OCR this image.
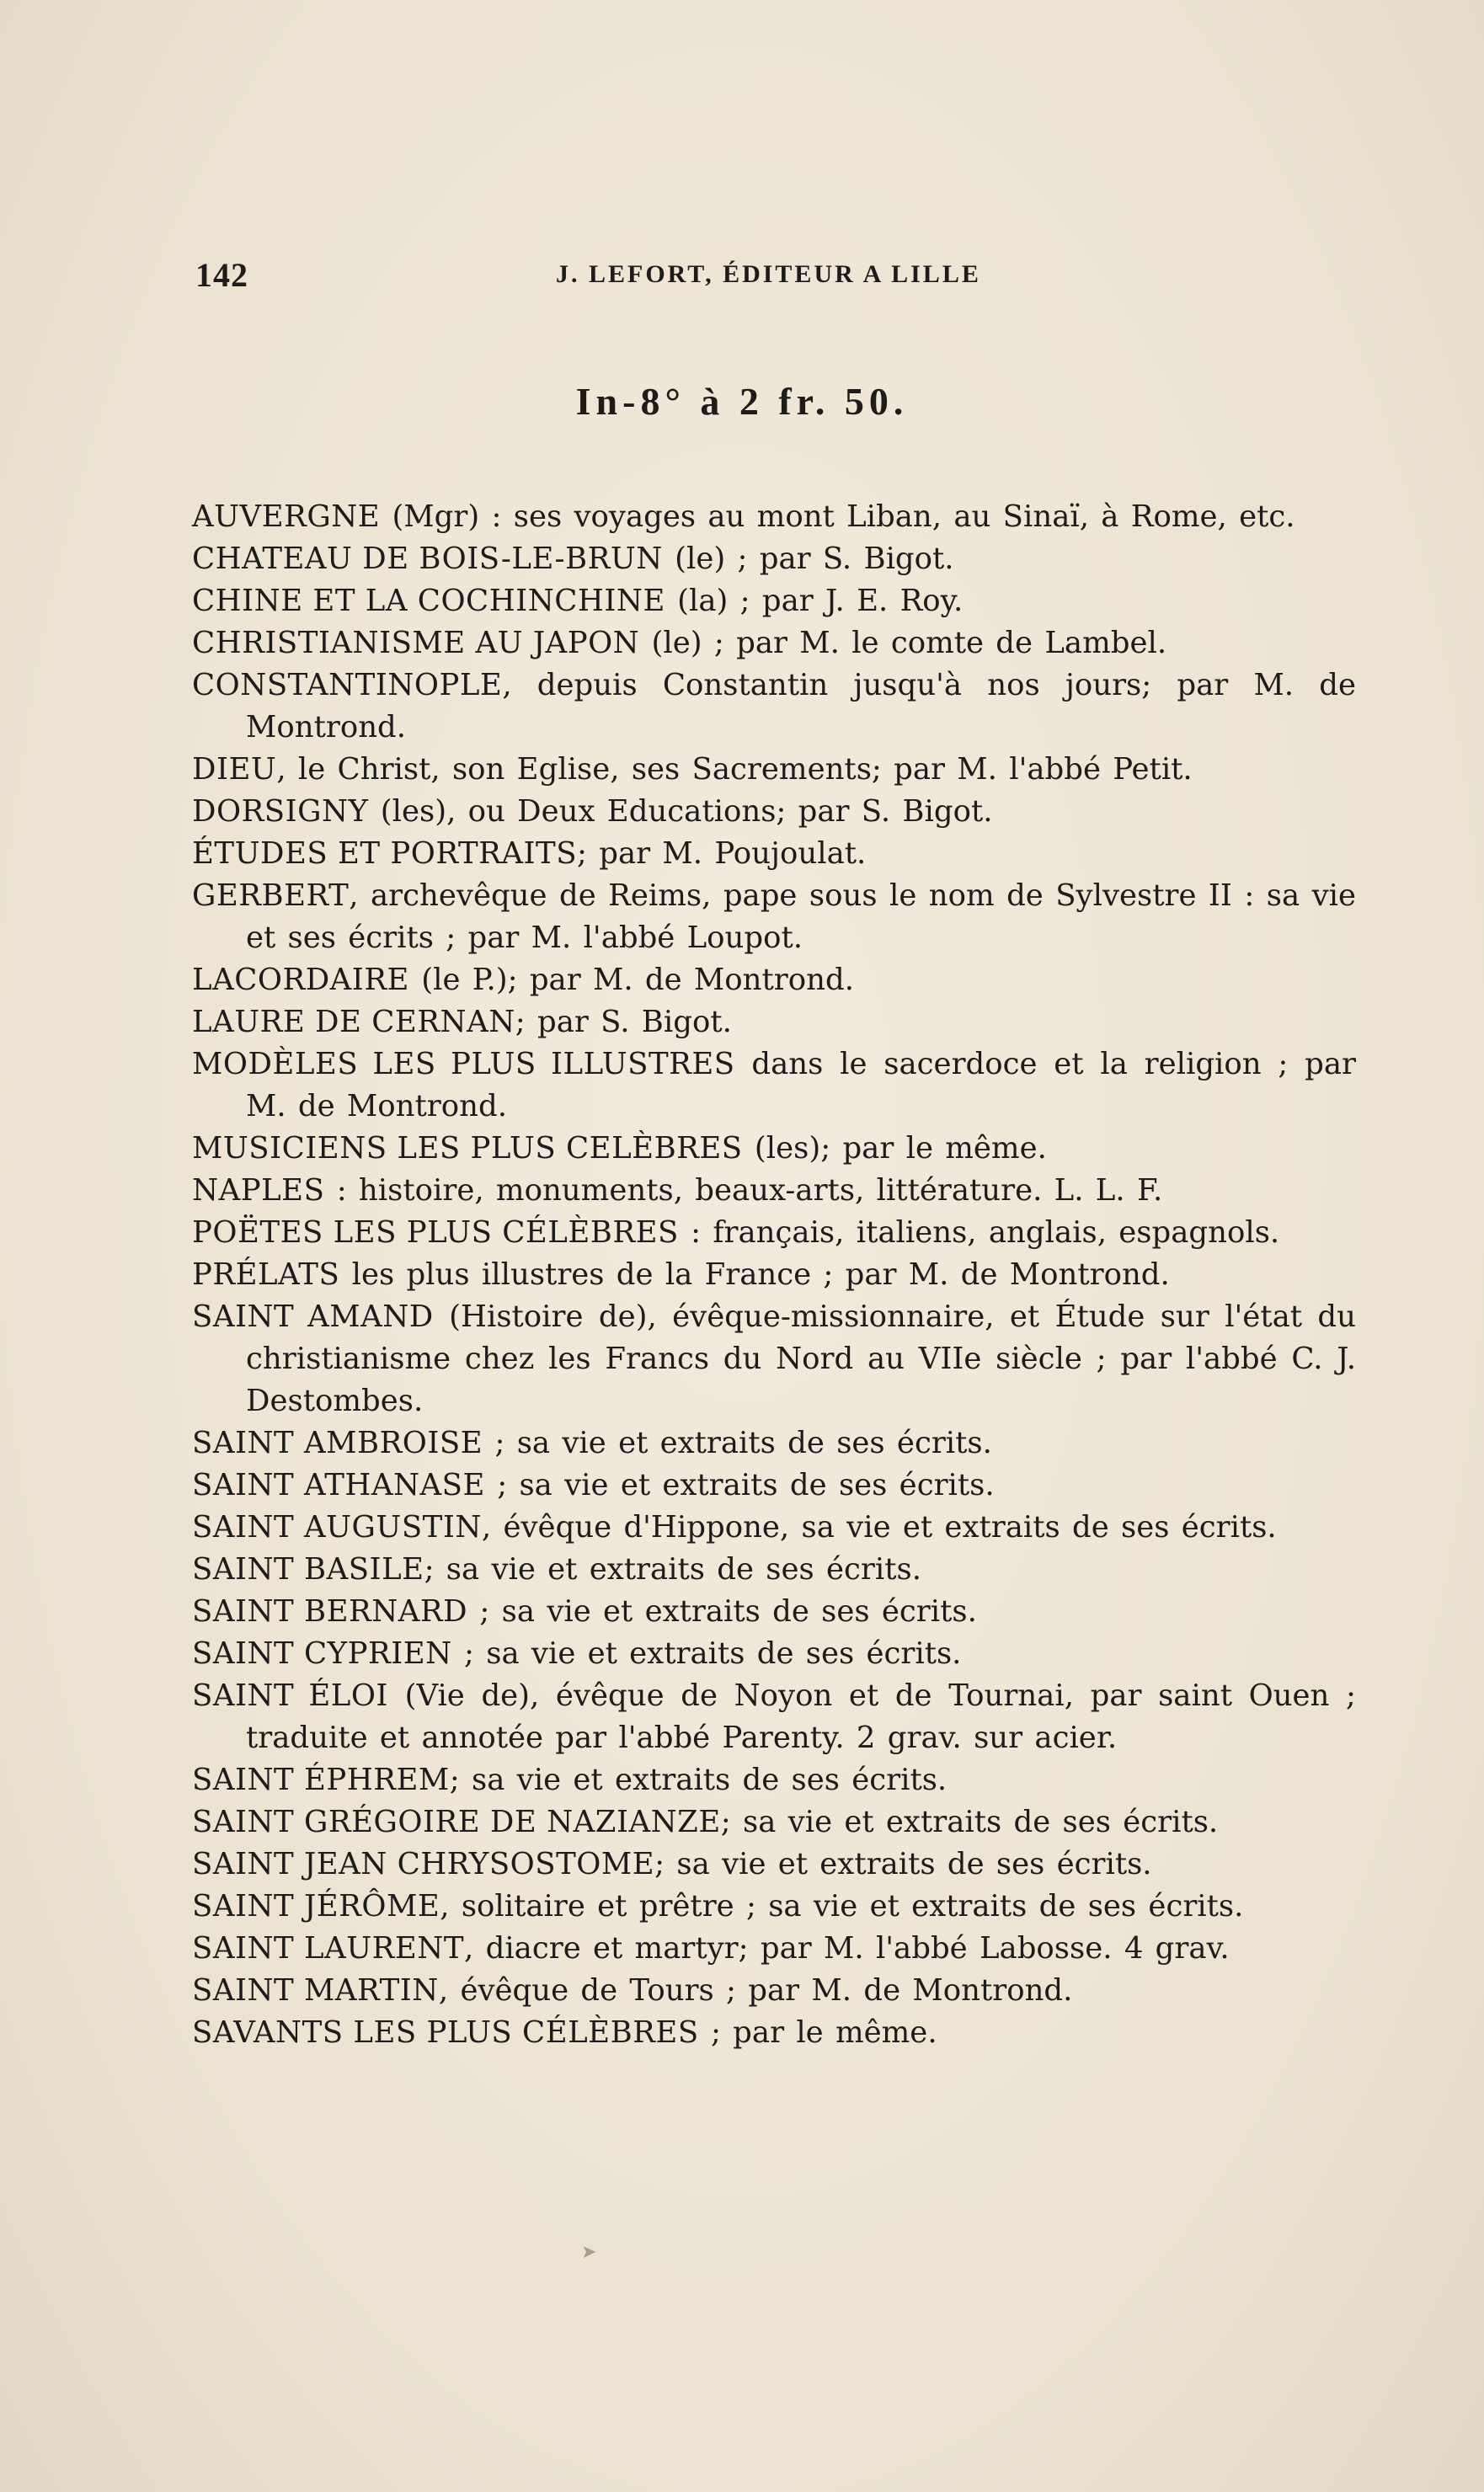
142	J. LEFORT, ÉDITEUR A LILLE
In-8° à 2 fr. 50.

AUVERGNE (Mgr) : ses voyages au mont Liban, au Sinaï, à Rome, etc.

CHATEAU DE BOIS-LE-BRUN (le) ; par S. Bigot.

CHINE ET LA COCHINCHINE (la) ; par J. E. Roy.

CHRISTIANISME AU JAPON (le) ; par M. le comte de Lambel.

CONSTANTINOPLE, depuis Constantin jusqu'à nos jours; par M. de Montrond.

DIEU, le Christ, son Eglise, ses Sacrements; par M. l'abbé Petit.

DORSIGNY (les), ou Deux Educations; par S. Bigot.

ÉTUDES ET PORTRAITS; par M. Poujoulat.

GERBERT, archevêque de Reims, pape sous le nom de Sylvestre II : sa vie et ses écrits ; par M. l'abbé Loupot.

LACORDAIRE (le P.); par M. de Montrond.

LAURE DE CERNAN; par S. Bigot.

MODÈLES LES PLUS ILLUSTRES dans le sacerdoce et la religion ; par M. de Montrond.

MUSICIENS LES PLUS CELÈBRES (les); par le même.

NAPLES : histoire, monuments, beaux-arts, littérature. L. L. F.

POËTES LES PLUS CÉLÈBRES : français, italiens, anglais, espagnols.

PRÉLATS les plus illustres de la France ; par M. de Montrond.

SAINT AMAND (Histoire de), évêque-missionnaire, et Étude sur l'état du christianisme chez les Francs du Nord au VIIe siècle ; par l'abbé C. J. Destombes.

SAINT AMBROISE ; sa vie et extraits de ses écrits.

SAINT ATHANASE ; sa vie et extraits de ses écrits.

SAINT AUGUSTIN, évêque d'Hippone, sa vie et extraits de ses écrits.

SAINT BASILE; sa vie et extraits de ses écrits.

SAINT BERNARD ; sa vie et extraits de ses écrits.

SAINT CYPRIEN ; sa vie et extraits de ses écrits.

SAINT ÉLOI (Vie de), évêque de Noyon et de Tournai, par saint Ouen ; traduite et annotée par l'abbé Parenty. 2 grav. sur acier.

SAINT ÉPHREM; sa vie et extraits de ses écrits.

SAINT GRÉGOIRE DE NAZIANZE; sa vie et extraits de ses écrits.

SAINT JEAN CHRYSOSTOME; sa vie et extraits de ses écrits.

SAINT JÉRÔME, solitaire et prêtre ; sa vie et extraits de ses écrits.

SAINT LAURENT, diacre et martyr; par M. l'abbé Labosse. 4 grav.

SAINT MARTIN, évêque de Tours ; par M. de Montrond.

SAVANTS LES PLUS CÉLÈBRES ; par le même.

➤
